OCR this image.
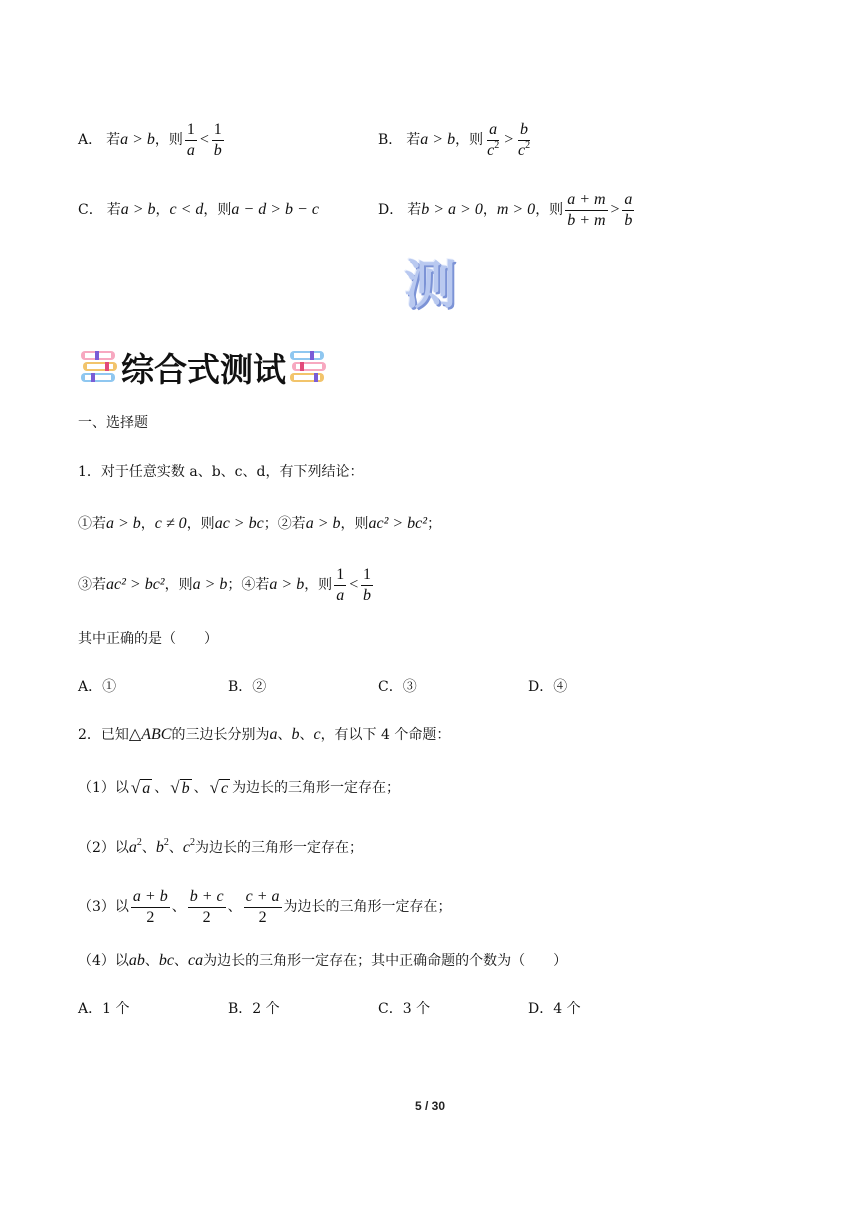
A． 若 a > b ，则 $\frac{1}{a} < \frac{1}{b}$	B． 若 a > b ，则 $\frac{a}{c^2} > \frac{b}{c^2}$
C． 若 a > b ， c < d ，则 a − d > b − c	D． 若 b > a > 0 ， m > 0 ，则 $\frac{a + m}{b + m} > \frac{a}{b}$
测
综合式测试
一、选择题
1．对于任意实数 a、b、c、d，有下列结论：
①若 a > b ， c ≠ 0 ，则 ac > bc ； ②若 a > b ，则 ac² > bc² ；
③若 ac² > bc² ，则 a > b ； ④若 a > b ，则 $\frac{1}{a} < \frac{1}{b}$
其中正确的是（　　）
A．①	B．②	C．③	D．④
2．已知 △ABC 的三边长分别为 a 、 b 、 c ，有以下 4 个命题：
（1）以 √ a 、 √ b 、 √ c 为边长的三角形一定存在；
（2）以 $a^2$ 、 $b^2$ 、 $c^2$ 为边长的三角形一定存在；
（3）以 $\frac{a + b}{2}$ 、 $\frac{b + c}{2}$ 、 $\frac{c + a}{2}$ 为边长的三角形一定存在；
（4）以 ab 、 bc 、 ca 为边长的三角形一定存在；其中正确命题的个数为（　　）
A．1 个	B．2 个	C．3 个	D．4 个
5 / 30
